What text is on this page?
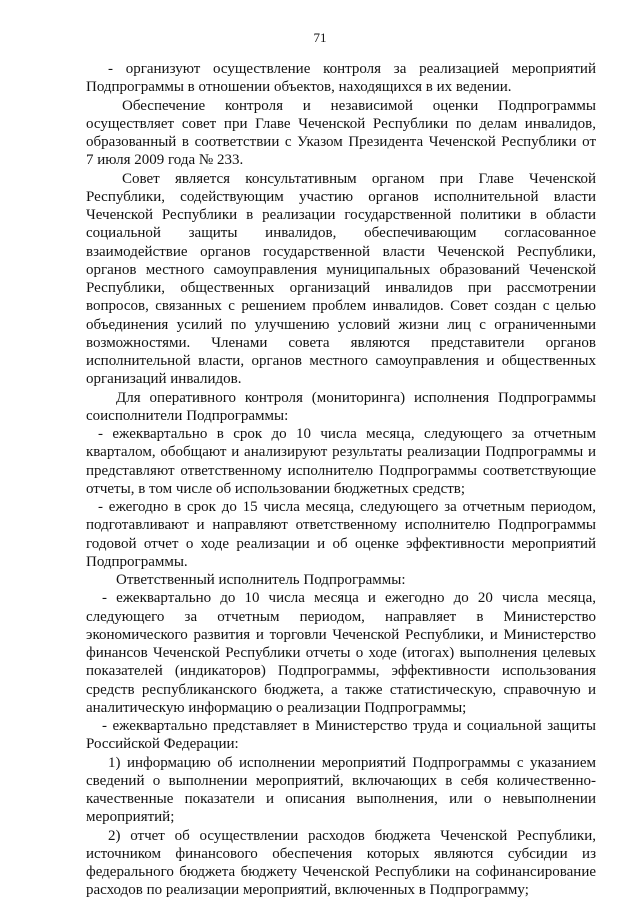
71
- организуют осуществление контроля за реализацией мероприятий
Подпрограммы в отношении объектов, находящихся в их ведении.
Обеспечение контроля и независимой оценки Подпрограммы
осуществляет совет при Главе Чеченской Республики по делам инвалидов,
образованный в соответствии с Указом Президента Чеченской Республики от
7 июля 2009 года № 233.
Совет является консультативным органом при Главе Чеченской
Республики, содействующим участию органов исполнительной власти
Чеченской Республики в реализации государственной политики в области
социальной защиты инвалидов, обеспечивающим согласованное
взаимодействие органов государственной власти Чеченской Республики,
органов местного самоуправления муниципальных образований Чеченской
Республики, общественных организаций инвалидов при рассмотрении
вопросов, связанных с решением проблем инвалидов. Совет создан с целью
объединения усилий по улучшению условий жизни лиц с ограниченными
возможностями. Членами совета являются представители органов
исполнительной власти, органов местного самоуправления и общественных
организаций инвалидов.
Для оперативного контроля (мониторинга) исполнения Подпрограммы
соисполнители Подпрограммы:
- ежеквартально в срок до 10 числа месяца, следующего за отчетным
кварталом, обобщают и анализируют результаты реализации Подпрограммы и
представляют ответственному исполнителю Подпрограммы соответствующие
отчеты, в том числе об использовании бюджетных средств;
- ежегодно в срок до 15 числа месяца, следующего за отчетным периодом,
подготавливают и направляют ответственному исполнителю Подпрограммы
годовой отчет о ходе реализации и об оценке эффективности мероприятий
Подпрограммы.
Ответственный исполнитель Подпрограммы:
- ежеквартально до 10 числа месяца и ежегодно до 20 числа месяца,
следующего за отчетным периодом, направляет в Министерство
экономического развития и торговли Чеченской Республики, и Министерство
финансов Чеченской Республики отчеты о ходе (итогах) выполнения целевых
показателей (индикаторов) Подпрограммы, эффективности использования
средств республиканского бюджета, а также статистическую, справочную и
аналитическую информацию о реализации Подпрограммы;
- ежеквартально представляет в Министерство труда и социальной защиты
Российской Федерации:
1) информацию об исполнении мероприятий Подпрограммы с указанием
сведений о выполнении мероприятий, включающих в себя количественно-
качественные показатели и описания выполнения, или о невыполнении
мероприятий;
2) отчет об осуществлении расходов бюджета Чеченской Республики,
источником финансового обеспечения которых являются субсидии из
федерального бюджета бюджету Чеченской Республики на софинансирование
расходов по реализации мероприятий, включенных в Подпрограмму;
